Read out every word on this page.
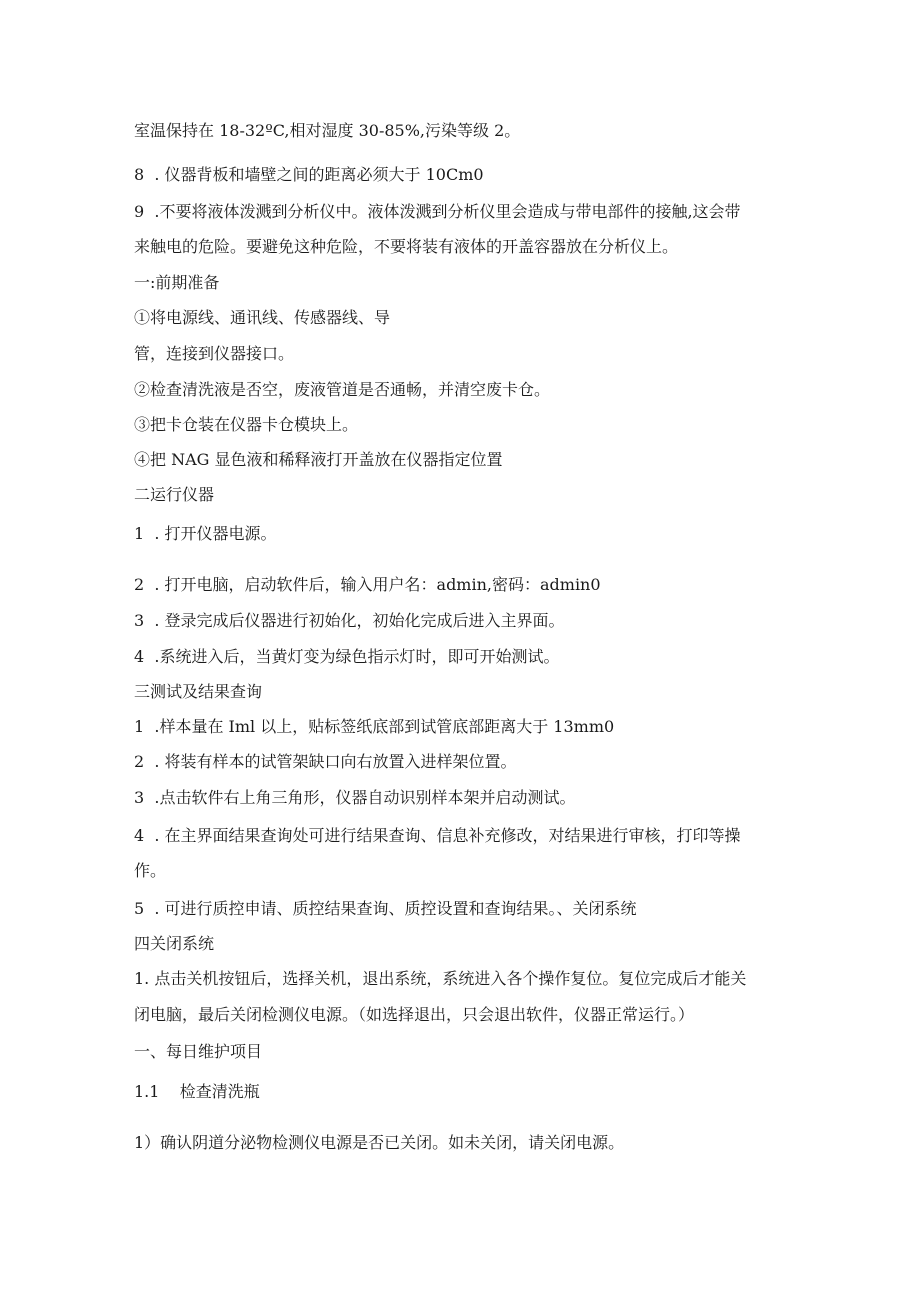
室温保持在 18-32ºC,相对湿度 30-85%,污染等级 2。
8  . 仪器背板和墙壁之间的距离必须大于 10Cm0
9  .不要将液体泼溅到分析仪中。液体泼溅到分析仪里会造成与带电部件的接触,这会带
来触电的危险。要避免这种危险，不要将装有液体的开盖容器放在分析仪上。
一:前期准备
①将电源线、通讯线、传感器线、导
管，连接到仪器接口。
②检查清洗液是否空，废液管道是否通畅，并清空废卡仓。
③把卡仓装在仪器卡仓模块上。
④把 NAG 显色液和稀释液打开盖放在仪器指定位置
二运行仪器
1  . 打开仪器电源。
2  . 打开电脑，启动软件后，输入用户名：admin,密码：admin0
3  . 登录完成后仪器进行初始化，初始化完成后进入主界面。
4  .系统进入后，当黄灯变为绿色指示灯时，即可开始测试。
三测试及结果查询
1  .样本量在 Iml 以上，贴标签纸底部到试管底部距离大于 13mm0
2  . 将装有样本的试管架缺口向右放置入进样架位置。
3  .点击软件右上角三角形，仪器自动识别样本架并启动测试。
4  . 在主界面结果查询处可进行结果查询、信息补充修改，对结果进行审核，打印等操
作。
5  . 可进行质控申请、质控结果查询、质控设置和查询结果。、关闭系统
四关闭系统
1. 点击关机按钮后，选择关机，退出系统，系统进入各个操作复位。复位完成后才能关
闭电脑，最后关闭检测仪电源。（如选择退出，只会退出软件，仪器正常运行。）
一、每日维护项目
1.1    检查清洗瓶
1）确认阴道分泌物检测仪电源是否已关闭。如未关闭，请关闭电源。
